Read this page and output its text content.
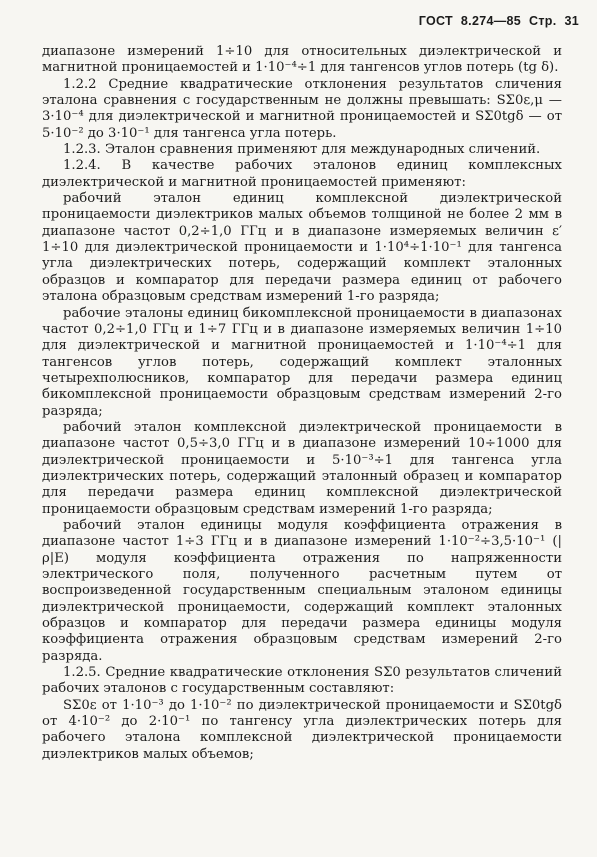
ГОСТ 8.274—85 Стр. 31

диапазоне измерений 1÷10 для относительных диэлектрической и магнитной проницаемостей и 1·10⁻⁴÷1 для тангенсов углов потерь (tg δ).

1.2.2 Средние квадратические отклонения результатов сличения эталона сравнения с государственным не должны превышать: SΣ0ε,μ — 3·10⁻⁴ для диэлектрической и магнитной проницаемостей и SΣ0tgδ — от 5·10⁻² до 3·10⁻¹ для тангенса угла потерь.

1.2.3. Эталон сравнения применяют для международных сличений.

1.2.4. В качестве рабочих эталонов единиц комплексных диэлектрической и магнитной проницаемостей применяют:

рабочий эталон единиц комплексной диэлектрической проницаемости диэлектриков малых объемов толщиной не более 2 мм в диапазоне частот 0,2÷1,0 ГГц и в диапазоне измеряемых величин ε′ 1÷10 для диэлектрической проницаемости и 1·10⁴÷1·10⁻¹ для тангенса угла диэлектрических потерь, содержащий комплект эталонных образцов и компаратор для передачи размера единиц от рабочего эталона образцовым средствам измерений 1-го разряда;

рабочие эталоны единиц бикомплексной проницаемости в диапазонах частот 0,2÷1,0 ГГц и 1÷7 ГГц и в диапазоне измеряемых величин 1÷10 для диэлектрической и магнитной проницаемостей и 1·10⁻⁴÷1 для тангенсов углов потерь, содержащий комплект эталонных четырехполюсников, компаратор для передачи размера единиц бикомплексной проницаемости образцовым средствам измерений 2-го разряда;

рабочий эталон комплексной диэлектрической проницаемости в диапазоне частот 0,5÷3,0 ГГц и в диапазоне измерений 10÷1000 для диэлектрической проницаемости и 5·10⁻³÷1 для тангенса угла диэлектрических потерь, содержащий эталонный образец и компаратор для передачи размера единиц комплексной диэлектрической проницаемости образцовым средствам измерений 1-го разряда;

рабочий эталон единицы модуля коэффициента отражения в диапазоне частот 1÷3 ГГц и в диапазоне измерений 1·10⁻²÷3,5·10⁻¹ (|ρ|E) модуля коэффициента отражения по напряженности электрического поля, полученного расчетным путем от воспроизведенной государственным специальным эталоном единицы диэлектрической проницаемости, содержащий комплект эталонных образцов и компаратор для передачи размера единицы модуля коэффициента отражения образцовым средствам измерений 2-го разряда.

1.2.5. Средние квадратические отклонения SΣ0 результатов сличений рабочих эталонов с государственным составляют:

SΣ0ε от 1·10⁻³ до 1·10⁻² по диэлектрической проницаемости и SΣ0tgδ от 4·10⁻² до 2·10⁻¹ по тангенсу угла диэлектрических потерь для рабочего эталона комплексной диэлектрической проницаемости диэлектриков малых объемов;
